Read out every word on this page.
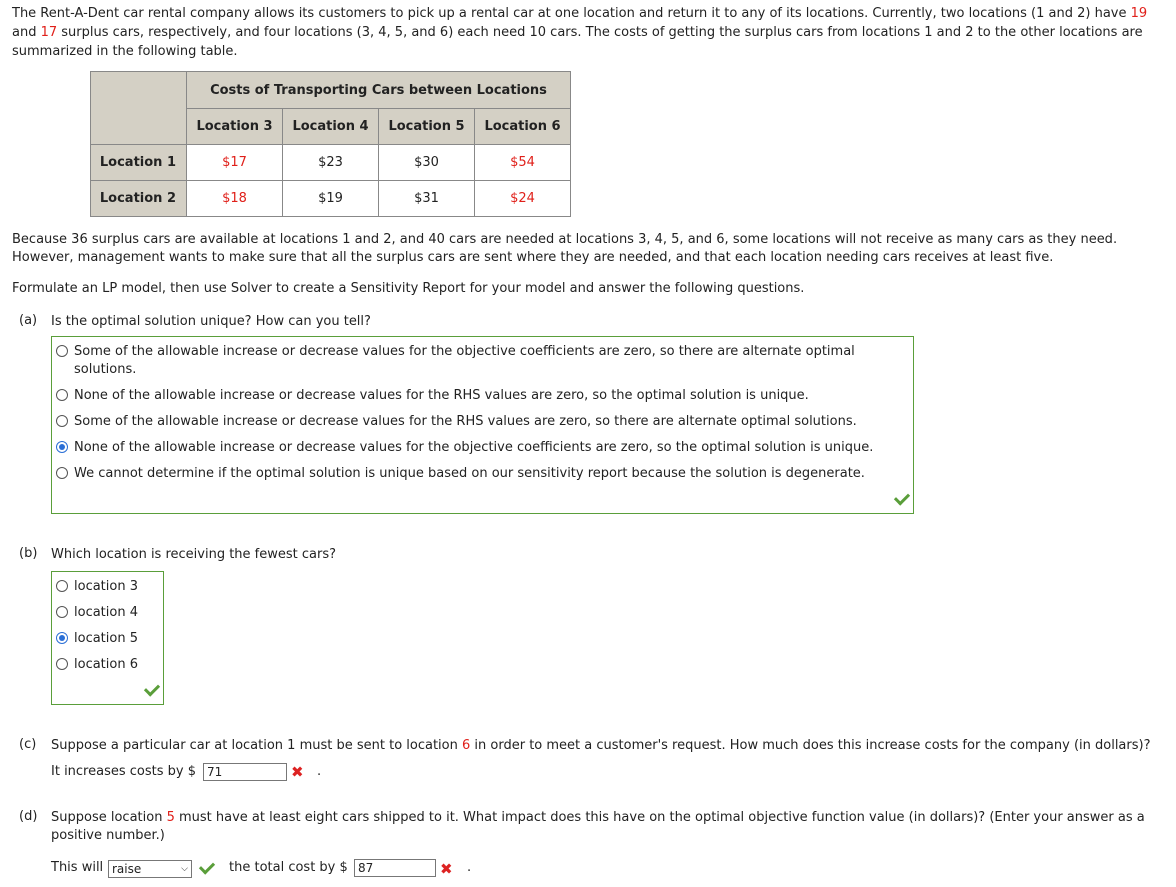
The Rent-A-Dent car rental company allows its customers to pick up a rental car at one location and return it to any of its locations. Currently, two locations (1 and 2) have 19 and 17 surplus cars, respectively, and four locations (3, 4, 5, and 6) each need 10 cars. The costs of getting the surplus cars from locations 1 and 2 to the other locations are summarized in the following table.
	Costs of Transporting Cars between Locations			
	Location 3	Location 4	Location 5	Location 6
Location 1	$17	$23	$30	$54
Location 2	$18	$19	$31	$24
Because 36 surplus cars are available at locations 1 and 2, and 40 cars are needed at locations 3, 4, 5, and 6, some locations will not receive as many cars as they need. However, management wants to make sure that all the surplus cars are sent where they are needed, and that each location needing cars receives at least five.
Formulate an LP model, then use Solver to create a Sensitivity Report for your model and answer the following questions.
(a) Is the optimal solution unique? How can you tell?
Some of the allowable increase or decrease values for the objective coefficients are zero, so there are alternate optimal solutions.
None of the allowable increase or decrease values for the RHS values are zero, so the optimal solution is unique.
Some of the allowable increase or decrease values for the RHS values are zero, so there are alternate optimal solutions.
None of the allowable increase or decrease values for the objective coefficients are zero, so the optimal solution is unique.
We cannot determine if the optimal solution is unique based on our sensitivity report because the solution is degenerate.
(b) Which location is receiving the fewest cars?
location 3
location 4
location 5
location 6
(c) Suppose a particular car at location 1 must be sent to location 6 in order to meet a customer's request. How much does this increase costs for the company (in dollars)?
It increases costs by $ 71	✖ .
(d) Suppose location 5 must have at least eight cars shipped to it. What impact does this have on the optimal objective function value (in dollars)? (Enter your answer as a positive number.)
This will raise	⌵	the total cost by $ 87	✖ .
